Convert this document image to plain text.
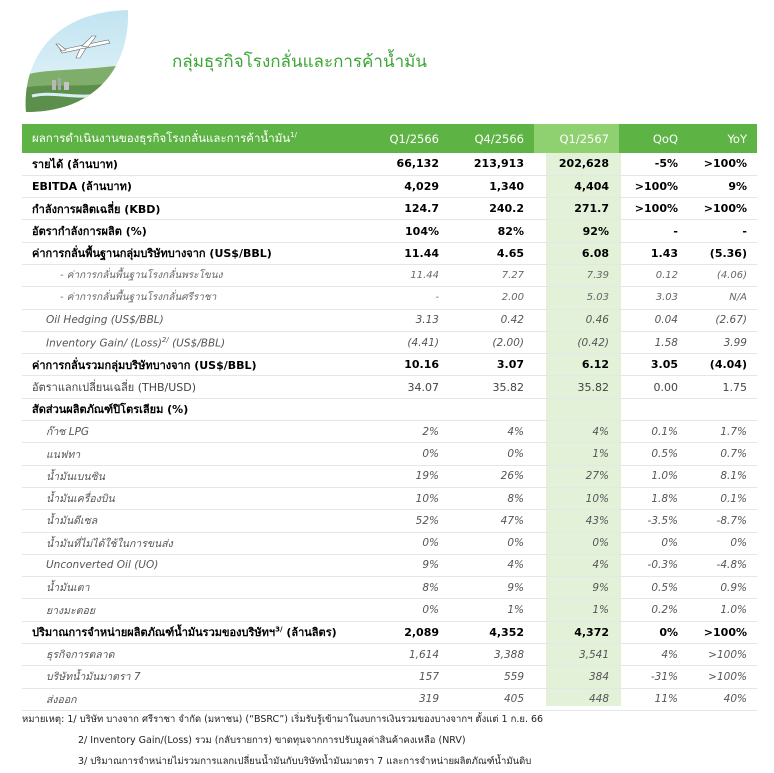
กลุ่มธุรกิจโรงกลั่นและการค้าน้ำมัน
ผลการดำเนินงานของธุรกิจโรงกลั่นและการค้าน้ำมัน$^{1/}$	Q1/2566	Q4/2566	Q1/2567	QoQ	YoY
รายได้ (ล้านบาท)	66,132	213,913	202,628	-5%	>100%
EBITDA (ล้านบาท)	4,029	1,340	4,404	>100%	9%
กำลังการผลิตเฉลี่ย (KBD)	124.7	240.2	271.7	>100%	>100%
อัตรากำลังการผลิต (%)	104%	82%	92%	-	-
ค่าการกลั่นพื้นฐานกลุ่มบริษัทบางจาก (US$/BBL)	11.44	4.65	6.08	1.43	(5.36)
- ค่าการกลั่นพื้นฐานโรงกลั่นพระโขนง	11.44	7.27	7.39	0.12	(4.06)
- ค่าการกลั่นพื้นฐานโรงกลั่นศรีราชา	-	2.00	5.03	3.03	N/A
Oil Hedging (US$/BBL)	3.13	0.42	0.46	0.04	(2.67)
Inventory Gain/ (Loss)$^{2/}$ (US$/BBL)	(4.41)	(2.00)	(0.42)	1.58	3.99
ค่าการกลั่นรวมกลุ่มบริษัทบางจาก (US$/BBL)	10.16	3.07	6.12	3.05	(4.04)
อัตราแลกเปลี่ยนเฉลี่ย (THB/USD)	34.07	35.82	35.82	0.00	1.75
สัดส่วนผลิตภัณฑ์ปิโตรเลียม (%)					
ก๊าซ LPG	2%	4%	4%	0.1%	1.7%
แนฟทา	0%	0%	1%	0.5%	0.7%
น้ำมันเบนซิน	19%	26%	27%	1.0%	8.1%
น้ำมันเครื่องบิน	10%	8%	10%	1.8%	0.1%
น้ำมันดีเซล	52%	47%	43%	-3.5%	-8.7%
น้ำมันที่ไม่ได้ใช้ในการขนส่ง	0%	0%	0%	0%	0%
Unconverted Oil (UO)	9%	4%	4%	-0.3%	-4.8%
น้ำมันเตา	8%	9%	9%	0.5%	0.9%
ยางมะตอย	0%	1%	1%	0.2%	1.0%
ปริมาณการจำหน่ายผลิตภัณฑ์น้ำมันรวมของบริษัทฯ$^{3/}$ (ล้านลิตร)	2,089	4,352	4,372	0%	>100%
ธุรกิจการตลาด	1,614	3,388	3,541	4%	>100%
บริษัทน้ำมันมาตรา 7	157	559	384	-31%	>100%
ส่งออก	319	405	448	11%	40%
หมายเหตุ: 1/ บริษัท บางจาก ศรีราชา จำกัด (มหาชน) (“BSRC”) เริ่มรับรู้เข้ามาในงบการเงินรวมของบางจากฯ ตั้งแต่ 1 ก.ย. 66
2/ Inventory Gain/(Loss) รวม (กลับรายการ) ขาดทุนจากการปรับมูลค่าสินค้าคงเหลือ (NRV)
3/ ปริมาณการจำหน่ายไม่รวมการแลกเปลี่ยนน้ำมันกับบริษัทน้ำมันมาตรา 7 และการจำหน่ายผลิตภัณฑ์น้ำมันดิบ
